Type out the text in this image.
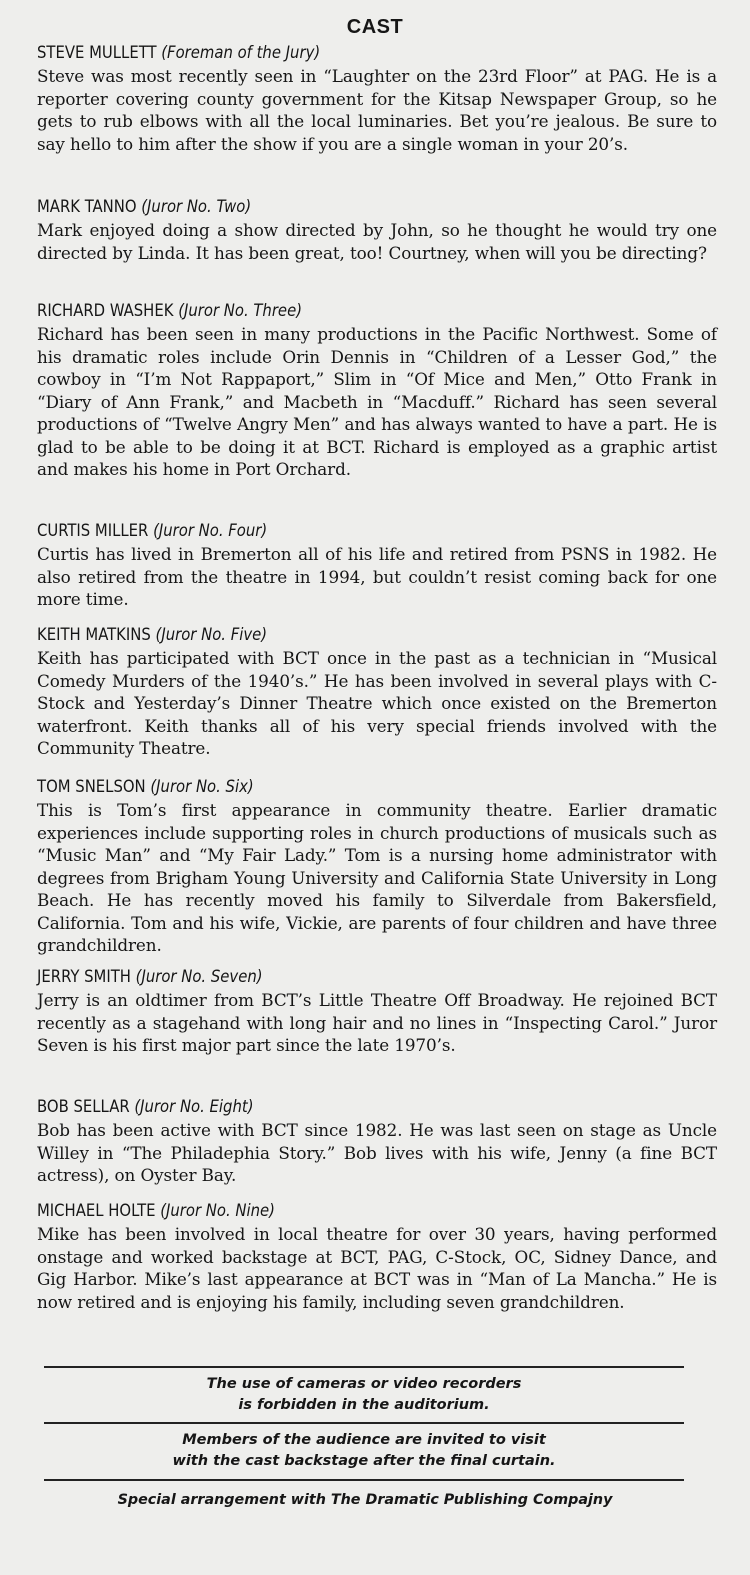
CAST

STEVE MULLETT (Foreman of the Jury)

Steve was most recently seen in “Laughter on the 23rd Floor” at PAG. He is a reporter covering county government for the Kitsap Newspaper Group, so he gets to rub elbows with all the local luminaries. Bet you’re jealous. Be sure to say hello to him after the show if you are a single woman in your 20’s.

MARK TANNO (Juror No. Two)

Mark enjoyed doing a show directed by John, so he thought he would try one directed by Linda. It has been great, too! Courtney, when will you be directing?

RICHARD WASHEK (Juror No. Three)

Richard has been seen in many productions in the Pacific Northwest. Some of his dramatic roles include Orin Dennis in “Children of a Lesser God,” the cowboy in “I’m Not Rappaport,” Slim in “Of Mice and Men,” Otto Frank in “Diary of Ann Frank,” and Macbeth in “Macduff.” Richard has seen several productions of “Twelve Angry Men” and has always wanted to have a part. He is glad to be able to be doing it at BCT. Richard is employed as a graphic artist and makes his home in Port Orchard.

CURTIS MILLER (Juror No. Four)

Curtis has lived in Bremerton all of his life and retired from PSNS in 1982. He also retired from the theatre in 1994, but couldn’t resist coming back for one more time.

KEITH MATKINS (Juror No. Five)

Keith has participated with BCT once in the past as a technician in “Musical Comedy Murders of the 1940’s.” He has been involved in several plays with C-Stock and Yesterday’s Dinner Theatre which once existed on the Bremerton waterfront. Keith thanks all of his very special friends involved with the Community Theatre.

TOM SNELSON (Juror No. Six)

This is Tom’s first appearance in community theatre. Earlier dramatic experiences include supporting roles in church productions of musicals such as “Music Man” and “My Fair Lady.” Tom is a nursing home administrator with degrees from Brigham Young University and California State University in Long Beach. He has recently moved his family to Silverdale from Bakersfield, California. Tom and his wife, Vickie, are parents of four children and have three grandchildren.

JERRY SMITH (Juror No. Seven)

Jerry is an oldtimer from BCT’s Little Theatre Off Broadway. He rejoined BCT recently as a stagehand with long hair and no lines in “Inspecting Carol.” Juror Seven is his first major part since the late 1970’s.

BOB SELLAR (Juror No. Eight)

Bob has been active with BCT since 1982. He was last seen on stage as Uncle Willey in “The Philadephia Story.” Bob lives with his wife, Jenny (a fine BCT actress), on Oyster Bay.

MICHAEL HOLTE (Juror No. Nine)

Mike has been involved in local theatre for over 30 years, having performed onstage and worked backstage at BCT, PAG, C-Stock, OC, Sidney Dance, and Gig Harbor. Mike’s last appearance at BCT was in “Man of La Mancha.” He is now retired and is enjoying his family, including seven grandchildren.

The use of cameras or video recorders
is forbidden in the auditorium.

Members of the audience are invited to visit
with the cast backstage after the final curtain.

Special arrangement with The Dramatic Publishing Compajny
